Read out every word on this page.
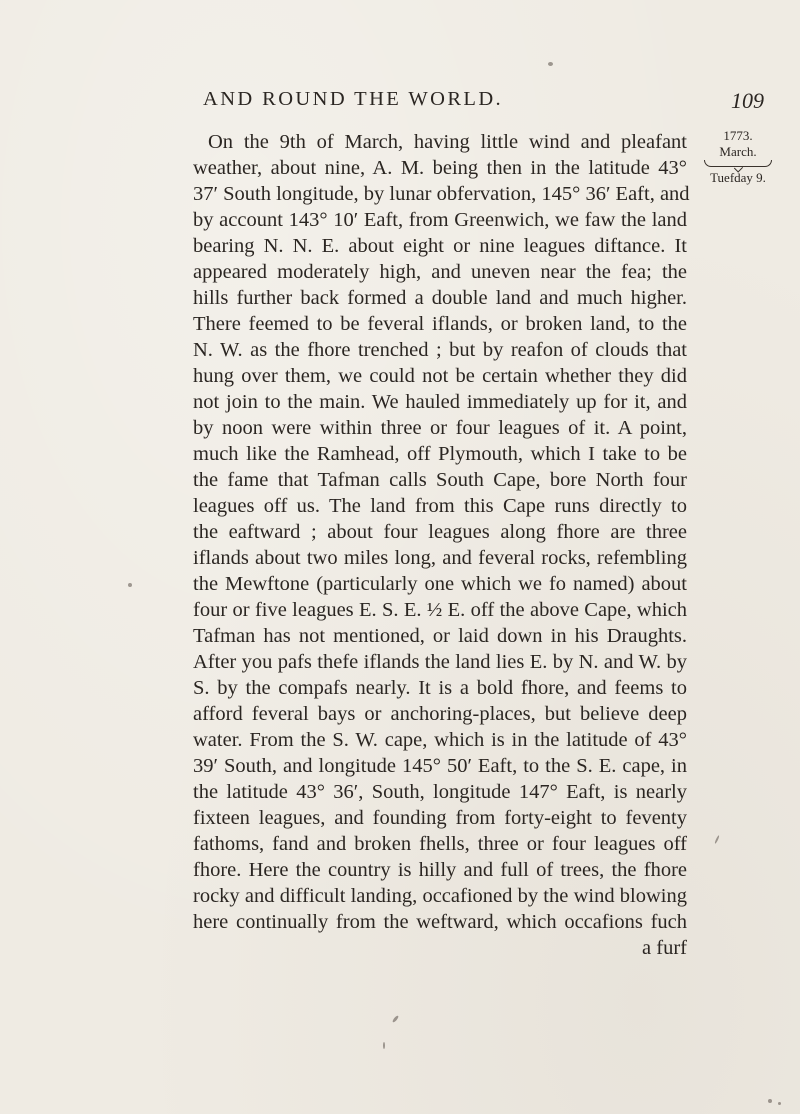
AND ROUND THE WORLD.	109
1773.
March.
Tuefday 9.
On the 9th of March, having little wind and pleafant
weather, about nine, A. M. being then in the latitude 43°
37′ South longitude, by lunar obfervation, 145° 36′ Eaft, and
by account 143° 10′ Eaft, from Greenwich, we faw the land
bearing N. N. E. about eight or nine leagues diftance. It
appeared moderately high, and uneven near the fea; the
hills further back formed a double land and much higher.
There feemed to be feveral iflands, or broken land, to the
N. W. as the fhore trenched ; but by reafon of clouds that
hung over them, we could not be certain whether they did
not join to the main. We hauled immediately up for it, and
by noon were within three or four leagues of it. A point,
much like the Ramhead, off Plymouth, which I take to be
the fame that Tafman calls South Cape, bore North four
leagues off us. The land from this Cape runs directly to
the eaftward ; about four leagues along fhore are three
iflands about two miles long, and feveral rocks, refembling
the Mewftone (particularly one which we fo named) about
four or five leagues E. S. E. ½ E. off the above Cape, which
Tafman has not mentioned, or laid down in his Draughts.
After you pafs thefe iflands the land lies E. by N. and W. by
S. by the compafs nearly. It is a bold fhore, and feems to
afford feveral bays or anchoring-places, but believe deep
water. From the S. W. cape, which is in the latitude of 43°
39′ South, and longitude 145° 50′ Eaft, to the S. E. cape, in
the latitude 43° 36′, South, longitude 147° Eaft, is nearly
fixteen leagues, and founding from forty-eight to feventy
fathoms, fand and broken fhells, three or four leagues off
fhore. Here the country is hilly and full of trees, the fhore
rocky and difficult landing, occafioned by the wind blowing
here continually from the weftward, which occafions fuch
a furf
